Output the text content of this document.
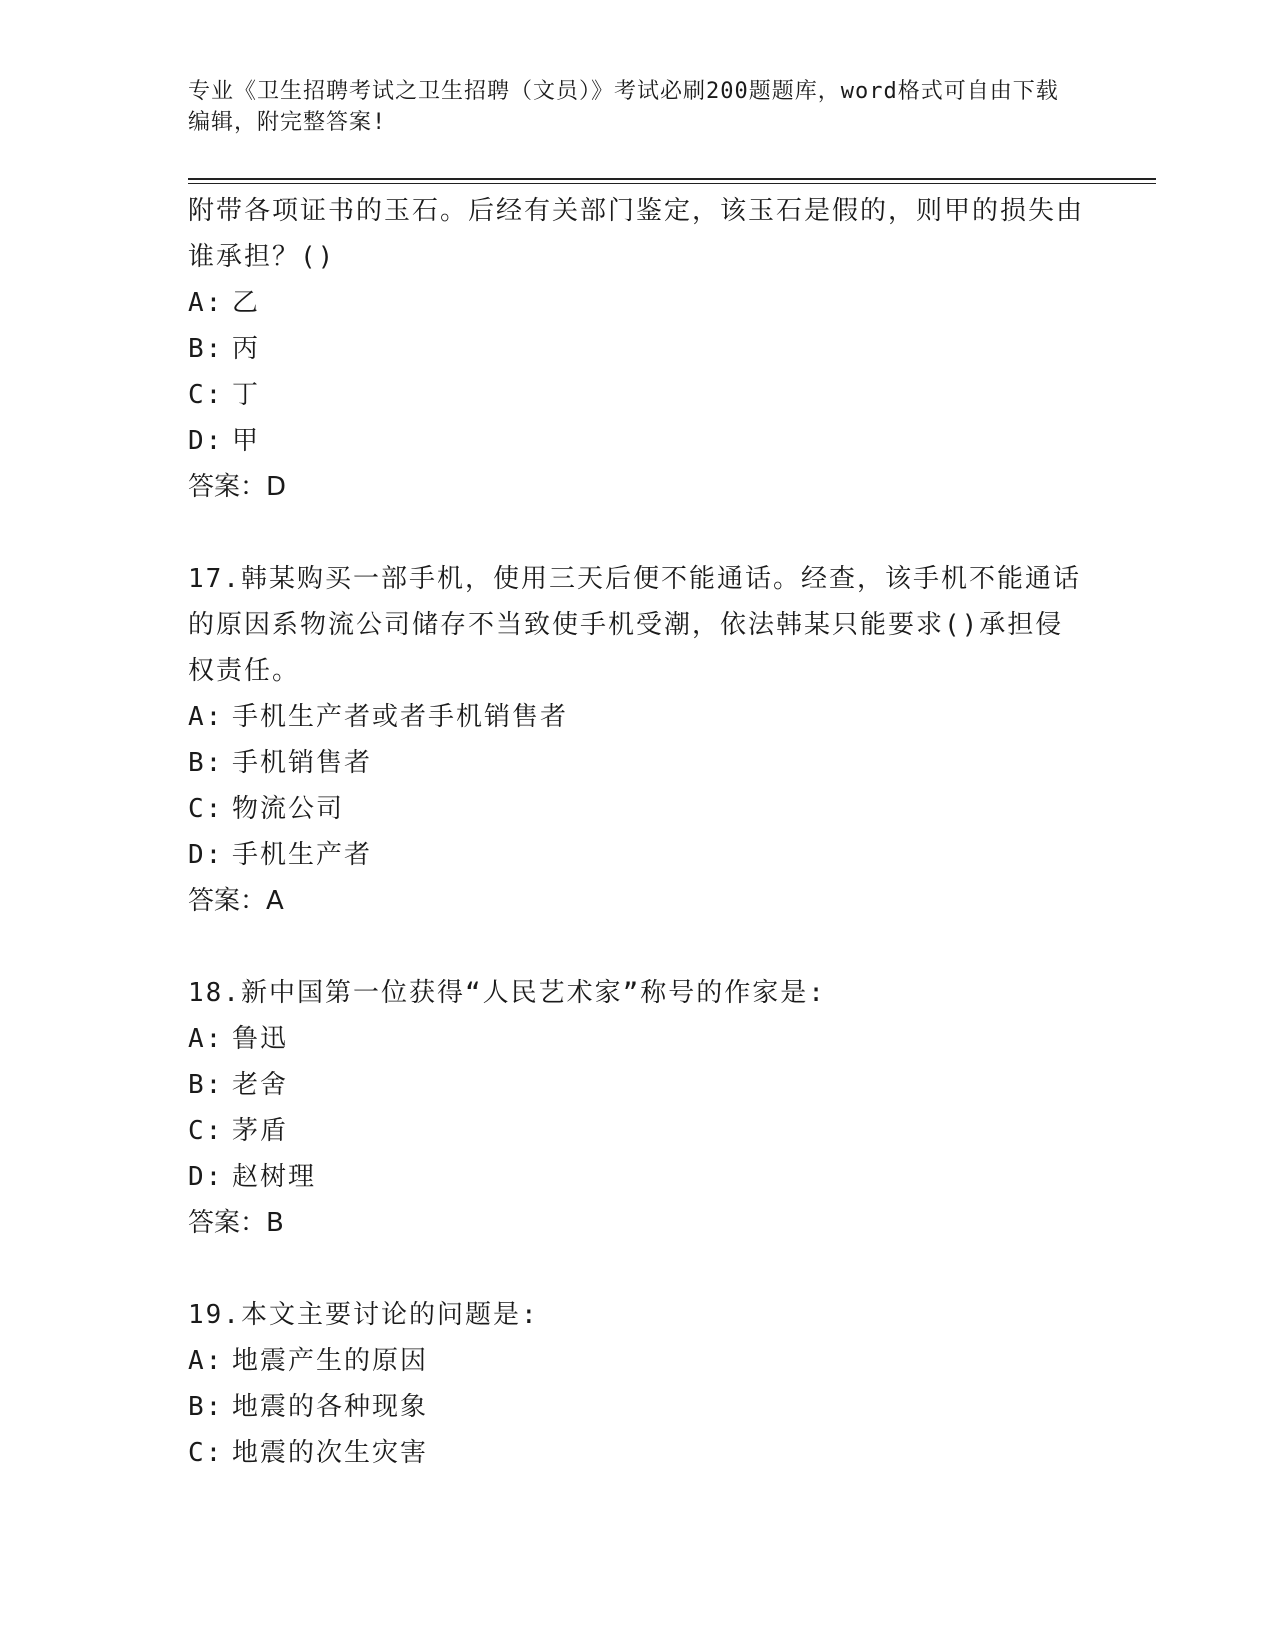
专业《卫生招聘考试之卫生招聘（文员）》考试必刷200题题库，word格式可自由下载编辑，附完整答案!

附带各项证书的玉石。后经有关部门鉴定，该玉石是假的，则甲的损失由谁承担？()

A: 乙

B: 丙

C: 丁

D: 甲

答案：D

17.韩某购买一部手机，使用三天后便不能通话。经查，该手机不能通话的原因系物流公司储存不当致使手机受潮，依法韩某只能要求()承担侵权责任。

A: 手机生产者或者手机销售者

B: 手机销售者

C: 物流公司

D: 手机生产者

答案：A

18.新中国第一位获得“人民艺术家”称号的作家是:

A: 鲁迅

B: 老舍

C: 茅盾

D: 赵树理

答案：B

19.本文主要讨论的问题是:

A: 地震产生的原因

B: 地震的各种现象

C: 地震的次生灾害
